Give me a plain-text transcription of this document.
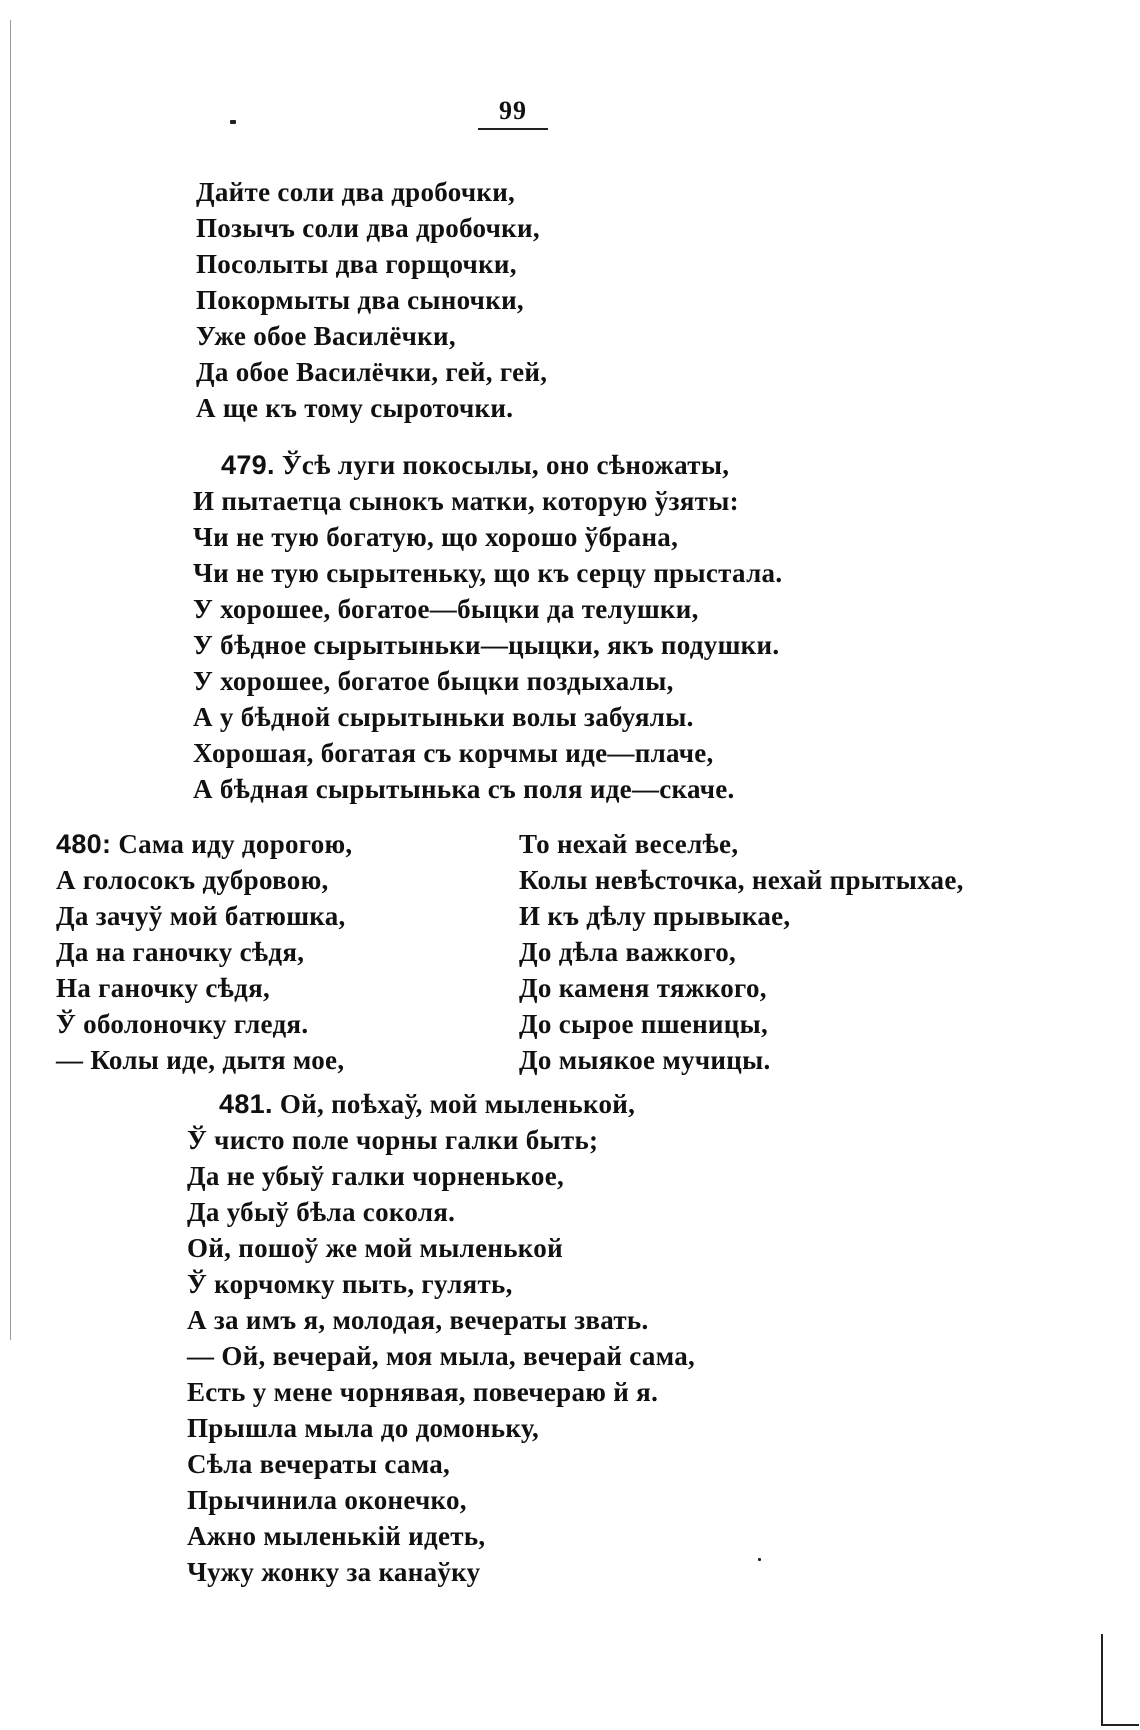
99
Дайте соли два дробочки,
Позычъ соли два дробочки,
Посолыты два горщочки,
Покормыты два сыночки,
Уже обое Василёчки,
Да обое Василёчки, гей, гей,
А ще къ тому сыроточки.
479. Ўсѣ луги покосылы, оно сѣножаты,
И пытаетца сынокъ матки, которую ўзяты:
Чи не тую богатую, що хорошо ўбрана,
Чи не тую сырытеньку, що къ серцу прыстала.
У хорошее, богатое—быцки да телушки,
У бѣдное сырытыньки—цыцки, якъ подушки.
У хорошее, богатое быцки поздыхалы,
А у бѣдной сырытыньки волы забуялы.
Хорошая, богатая съ корчмы иде—плаче,
А бѣдная сырытынька съ поля иде—скаче.
480: Сама иду дорогою,
А голосокъ дубровою,
Да зачуў мой батюшка,
Да на ганочку сѣдя,
На ганочку сѣдя,
Ў оболоночку гледя.
— Колы иде, дытя мое,
То нехай веселѣе,
Колы невѣсточка, нехай прытыхае,
И къ дѣлу прывыкае,
До дѣла важкого,
До каменя тяжкого,
До сырое пшеницы,
До мыякое мучицы.
481. Ой, поѣхаў, мой мыленькой,
Ў чисто поле чорны галки быть;
Да не убыў галки чорненькое,
Да убыў бѣла соколя.
Ой, пошоў же мой мыленькой
Ў корчомку пыть, гулять,
А за имъ я, молодая, вечераты звать.
— Ой, вечерай, моя мыла, вечерай сама,
Есть у мене чорнявая, повечераю й я.
Прышла мыла до домоньку,
Сѣла вечераты сама,
Прычинила оконечко,
Ажно мыленькій идеть,
Чужу жонку за канаўку
